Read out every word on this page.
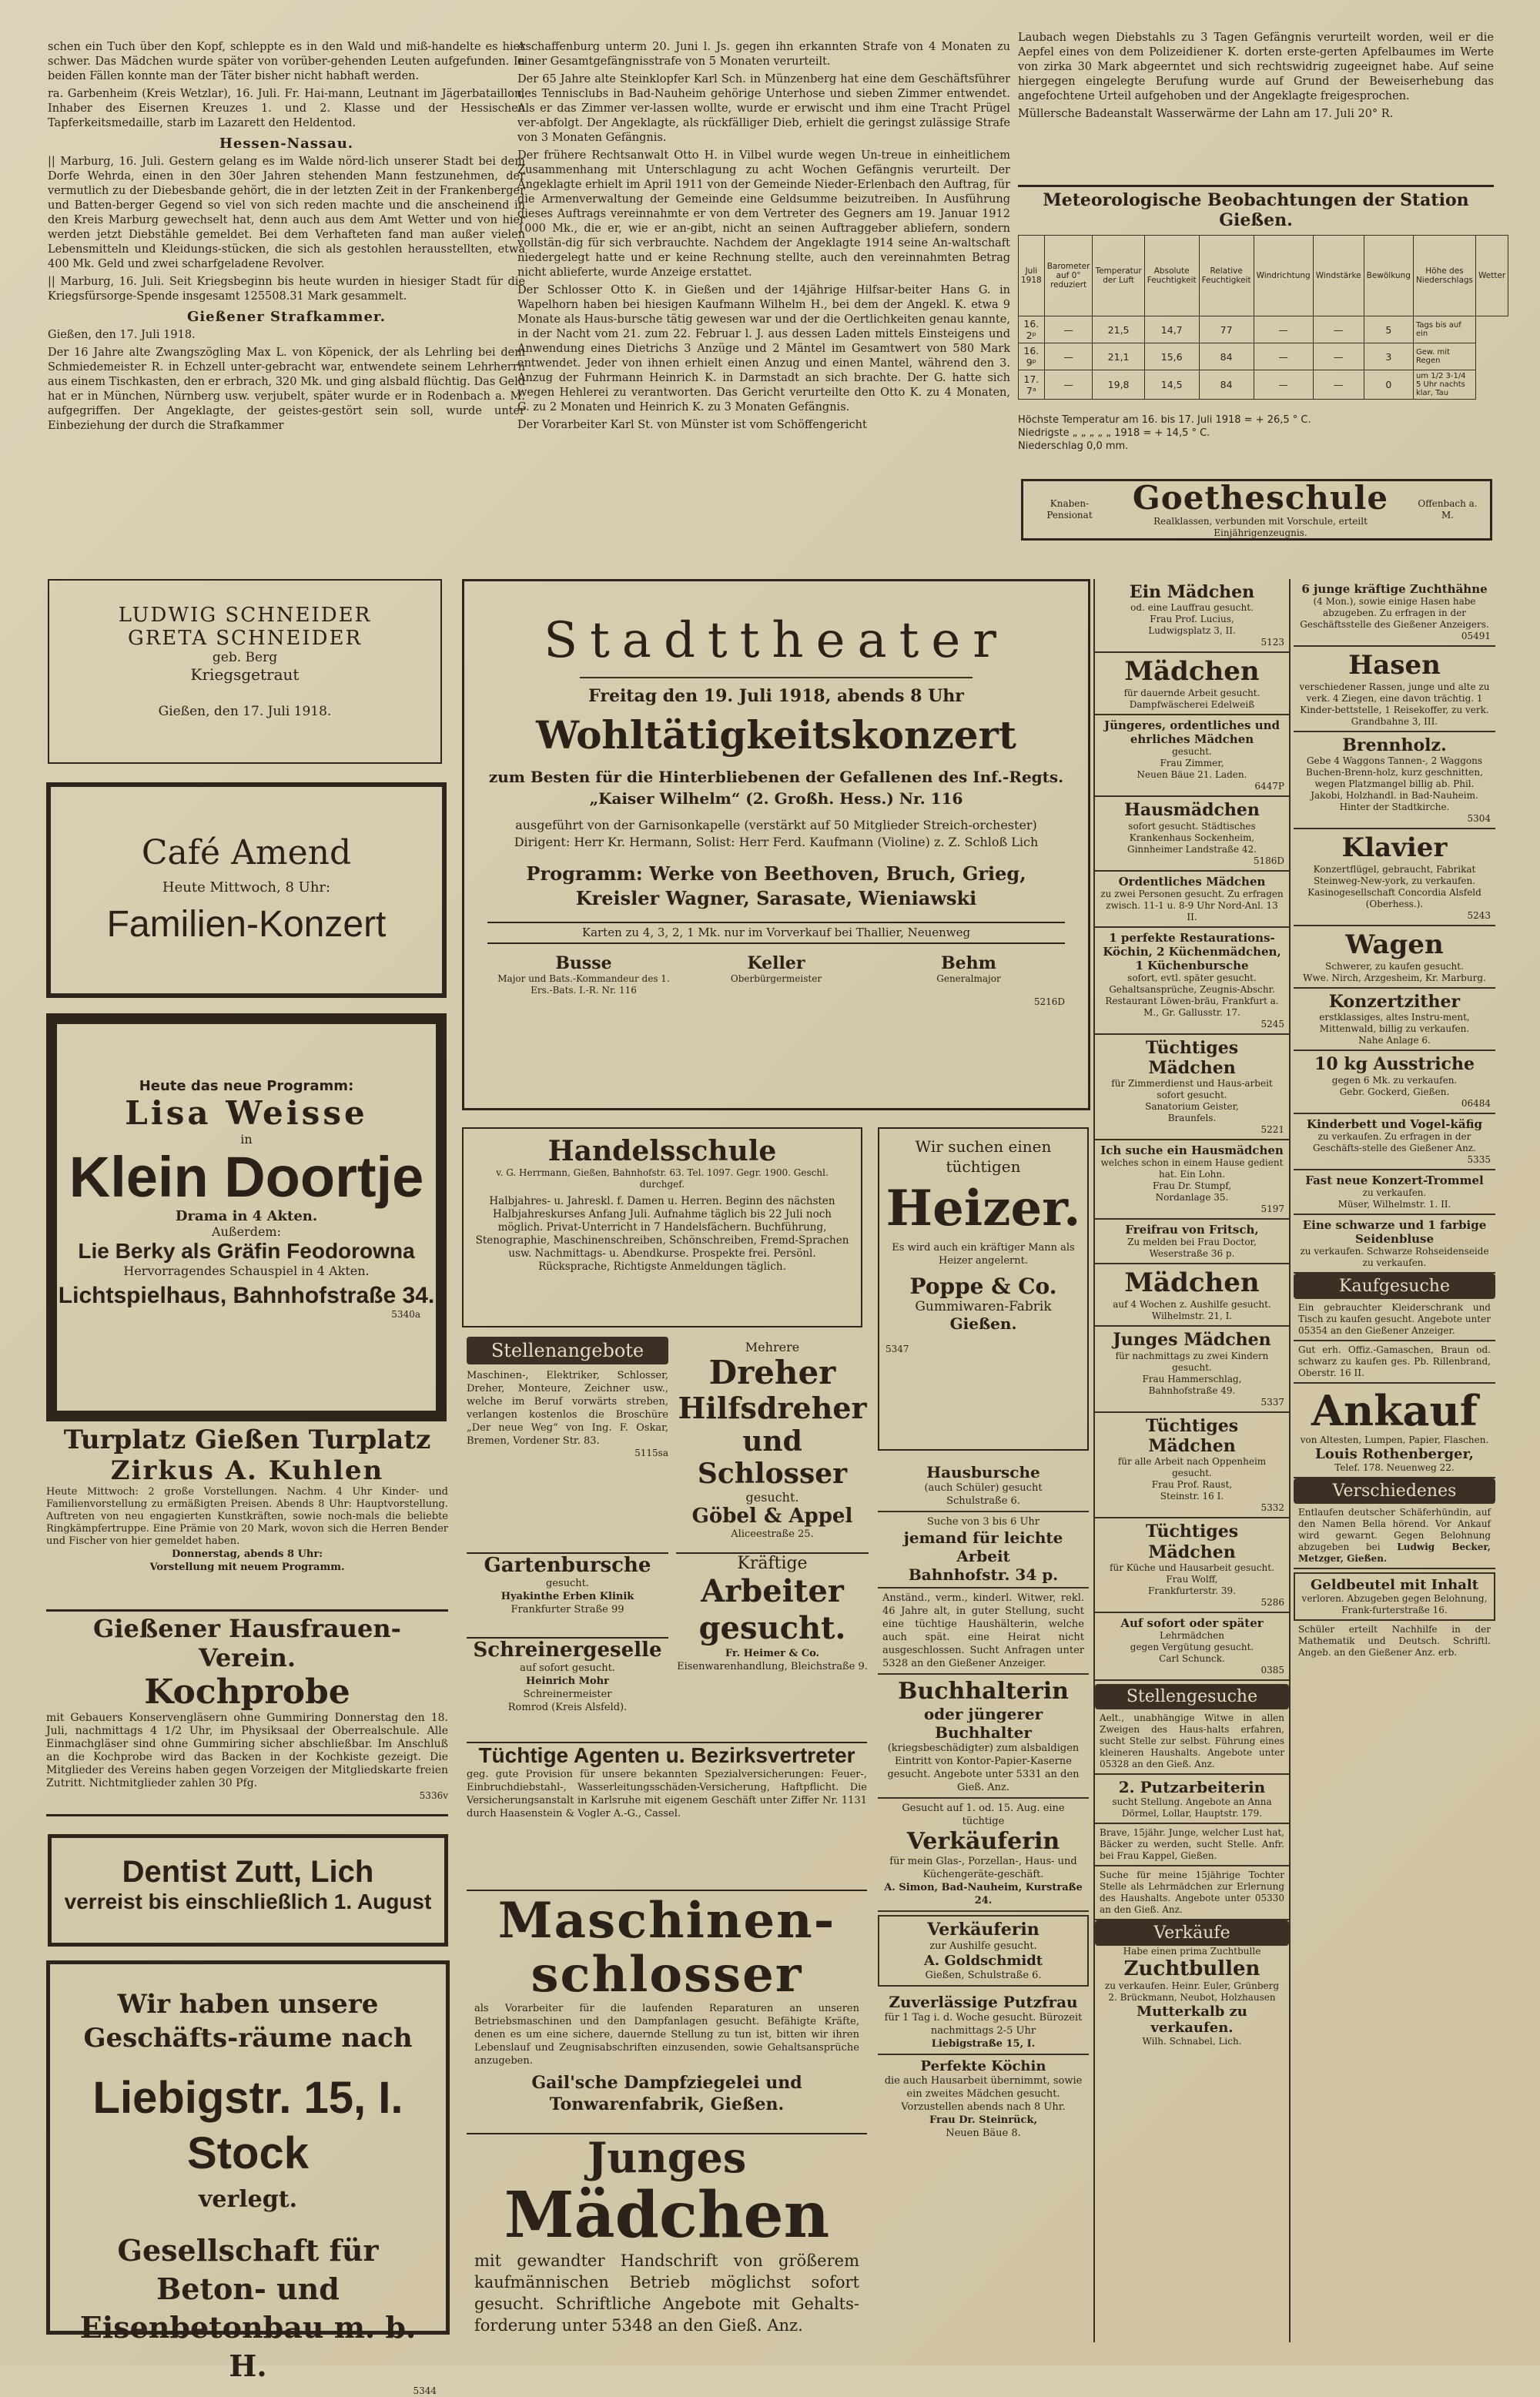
schen ein Tuch über den Kopf, schleppte es in den Wald und miß-handelte es hier schwer. Das Mädchen wurde später von vorüber-gehenden Leuten aufgefunden. In beiden Fällen konnte man der Täter bisher nicht habhaft werden.

ra. Garbenheim (Kreis Wetzlar), 16. Juli. Fr. Hai-mann, Leutnant im Jägerbataillon, Inhaber des Eisernen Kreuzes 1. und 2. Klasse und der Hessischen Tapferkeitsmedaille, starb im Lazarett den Heldentod.

Hessen-Nassau.

|| Marburg, 16. Juli. Gestern gelang es im Walde nörd-lich unserer Stadt bei dem Dorfe Wehrda, einen in den 30er Jahren stehenden Mann festzunehmen, der vermutlich zu der Diebesbande gehört, die in der letzten Zeit in der Frankenberger und Batten-berger Gegend so viel von sich reden machte und die anscheinend in den Kreis Marburg gewechselt hat, denn auch aus dem Amt Wetter und von hier werden jetzt Diebstähle gemeldet. Bei dem Verhafteten fand man außer vielen Lebensmitteln und Kleidungs-stücken, die sich als gestohlen herausstellten, etwa 400 Mk. Geld und zwei scharfgeladene Revolver.

|| Marburg, 16. Juli. Seit Kriegsbeginn bis heute wurden in hiesiger Stadt für die Kriegsfürsorge-Spende insgesamt 125508.31 Mark gesammelt.

Gießener Strafkammer.

Gießen, den 17. Juli 1918.

Der 16 Jahre alte Zwangszögling Max L. von Köpenick, der als Lehrling bei dem Schmiedemeister R. in Echzell unter-gebracht war, entwendete seinem Lehrherrn aus einem Tischkasten, den er erbrach, 320 Mk. und ging alsbald flüchtig. Das Geld hat er in München, Nürnberg usw. verjubelt, später wurde er in Rodenbach a. M. aufgegriffen. Der Angeklagte, der geistes-gestört sein soll, wurde unter Einbeziehung der durch die Strafkammer

Aschaffenburg unterm 20. Juni l. Js. gegen ihn erkannten Strafe von 4 Monaten zu einer Gesamtgefängnisstrafe von 5 Monaten verurteilt.

Der 65 Jahre alte Steinklopfer Karl Sch. in Münzenberg hat eine dem Geschäftsführer des Tennisclubs in Bad-Nauheim gehörige Unterhose und sieben Zimmer entwendet. Als er das Zimmer ver-lassen wollte, wurde er erwischt und ihm eine Tracht Prügel ver-abfolgt. Der Angeklagte, als rückfälliger Dieb, erhielt die geringst zulässige Strafe von 3 Monaten Gefängnis.

Der frühere Rechtsanwalt Otto H. in Vilbel wurde wegen Un-treue in einheitlichem Zusammenhang mit Unterschlagung zu acht Wochen Gefängnis verurteilt. Der Angeklagte erhielt im April 1911 von der Gemeinde Nieder-Erlenbach den Auftrag, für die Armenverwaltung der Gemeinde eine Geldsumme beizutreiben. In Ausführung dieses Auftrags vereinnahmte er von dem Vertreter des Gegners am 19. Januar 1912 1000 Mk., die er, wie er an-gibt, nicht an seinen Auftraggeber abliefern, sondern vollstän-dig für sich verbrauchte. Nachdem der Angeklagte 1914 seine An-waltschaft niedergelegt hatte und er keine Rechnung stellte, auch den vereinnahmten Betrag nicht ablieferte, wurde Anzeige erstattet.

Der Schlosser Otto K. in Gießen und der 14jährige Hilfsar-beiter Hans G. in Wapelhorn haben bei hiesigen Kaufmann Wilhelm H., bei dem der Angekl. K. etwa 9 Monate als Haus-bursche tätig gewesen war und der die Oertlichkeiten genau kannte, in der Nacht vom 21. zum 22. Februar l. J. aus dessen Laden mittels Einsteigens und Anwendung eines Dietrichs 3 Anzüge und 2 Mäntel im Gesamtwert von 580 Mark entwendet. Jeder von ihnen erhielt einen Anzug und einen Mantel, während den 3. Anzug der Fuhrmann Heinrich K. in Darmstadt an sich brachte. Der G. hatte sich wegen Hehlerei zu verantworten. Das Gericht verurteilte den Otto K. zu 4 Monaten, G. zu 2 Monaten und Heinrich K. zu 3 Monaten Gefängnis.

Der Vorarbeiter Karl St. von Münster ist vom Schöffengericht

Laubach wegen Diebstahls zu 3 Tagen Gefängnis verurteilt worden, weil er die Aepfel eines von dem Polizeidiener K. dorten erste-gerten Apfelbaumes im Werte von zirka 30 Mark abgeerntet und sich rechtswidrig zugeeignet habe. Auf seine hiergegen eingelegte Berufung wurde auf Grund der Beweiserhebung das angefochtene Urteil aufgehoben und der Angeklagte freigesprochen.

Müllersche Badeanstalt Wasserwärme der Lahn am 17. Juli 20° R.

Meteorologische Beobachtungen der Station Gießen.
Juli 1918	Barometer auf 0° reduziert	Temperatur der Luft	Absolute Feuchtigkeit	Relative Feuchtigkeit	Windrichtung	Windstärke	Bewölkung	Höhe des Niederschlags	Wetter
16. 2ᵖ	—	21,5	14,7	77	—	—	5	Tags bis auf ein	
16. 9ᵖ	—	21,1	15,6	84	—	—	3	Gew. mit Regen	
17. 7ᵃ	—	19,8	14,5	84	—	—	0	um 1/2 3-1/4 5 Uhr nachts klar, Tau	
Höchste Temperatur am 16. bis 17. Juli 1918 = + 26,5 ° C.
Niedrigste „ „ „ „ „ 1918 = + 14,5 ° C.
Niederschlag 0,0 mm.
Knaben-Pensionat	Goetheschule
Realklassen, verbunden mit Vorschule, erteilt Einjährigenzeugnis.
Offenbach a. M.
LUDWIG SCHNEIDER
GRETA SCHNEIDER
geb. Berg
Kriegsgetraut
Gießen, den 17. Juli 1918.
Café Amend
Heute Mittwoch, 8 Uhr:
Familien-Konzert
Heute das neue Programm:
Lisa Weisse
in
Klein Doortje
Drama in 4 Akten.
Außerdem:
Lie Berky als Gräfin Feodorowna
Hervorragendes Schauspiel in 4 Akten.
Lichtspielhaus, Bahnhofstraße 34.
5340a
Turplatz Gießen Turplatz
Zirkus A. Kuhlen
Heute Mittwoch: 2 große Vorstellungen. Nachm. 4 Uhr Kinder- und Familienvorstellung zu ermäßigten Preisen. Abends 8 Uhr: Hauptvorstellung. Auftreten von neu engagierten Kunstkräften, sowie noch-mals die beliebte Ringkämpfertruppe. Eine Prämie von 20 Mark, wovon sich die Herren Bender und Fischer von hier gemeldet haben.
Donnerstag, abends 8 Uhr:
Vorstellung mit neuem Programm.
Gießener Hausfrauen-Verein.
Kochprobe
mit Gebauers Konservengläsern ohne Gummiring Donnerstag den 18. Juli, nachmittags 4 1/2 Uhr, im Physiksaal der Oberrealschule. Alle Einmachgläser sind ohne Gummiring sicher abschließbar. Im Anschluß an die Kochprobe wird das Backen in der Kochkiste gezeigt. Die Mitglieder des Vereins haben gegen Vorzeigen der Mitgliedskarte freien Zutritt. Nichtmitglieder zahlen 30 Pfg.
5336v
Dentist Zutt, Lich
verreist bis einschließlich 1. August
Wir haben unsere Geschäfts-räume nach
Liebigstr. 15, I. Stock
verlegt.
Gesellschaft für Beton- und Eisenbetonbau m. b. H.
5344
Stadttheater
Freitag den 19. Juli 1918, abends 8 Uhr
Wohltätigkeitskonzert
zum Besten für die Hinterbliebenen der Gefallenen des Inf.-Regts. „Kaiser Wilhelm“ (2. Großh. Hess.) Nr. 116
ausgeführt von der Garnisonkapelle (verstärkt auf 50 Mitglieder Streich-orchester) Dirigent: Herr Kr. Hermann, Solist: Herr Ferd. Kaufmann (Violine) z. Z. Schloß Lich
Programm: Werke von Beethoven, Bruch, Grieg, Kreisler Wagner, Sarasate, Wieniawski
Karten zu 4, 3, 2, 1 Mk. nur im Vorverkauf bei Thallier, Neuenweg
Busse
Major und Bats.-Kommandeur des 1. Ers.-Bats. I.-R. Nr. 116
Keller
Oberbürgermeister
Behm
Generalmajor
5216D
Handelsschule
v. G. Herrmann, Gießen, Bahnhofstr. 63. Tel. 1097. Gegr. 1900. Geschl. durchgef.
Halbjahres- u. Jahreskl. f. Damen u. Herren. Beginn des nächsten Halbjahreskurses Anfang Juli. Aufnahme täglich bis 22 Juli noch möglich. Privat-Unterricht in 7 Handelsfächern. Buchführung, Stenographie, Maschinenschreiben, Schönschreiben, Fremd-Sprachen usw. Nachmittags- u. Abendkurse. Prospekte frei. Persönl. Rücksprache, Richtigste Anmeldungen täglich.
Wir suchen einen tüchtigen
Heizer.
Es wird auch ein kräftiger Mann als Heizer angelernt.
Poppe & Co.
Gummiwaren-Fabrik
Gießen.
5347
Stellenangebote
Maschinen-, Elektriker, Schlosser, Dreher, Monteure, Zeichner usw., welche im Beruf vorwärts streben, verlangen kostenlos die Broschüre „Der neue Weg“ von Ing. F. Oskar, Bremen, Vordener Str. 83.
5115sa
Mehrere
Dreher
Hilfsdreher
und Schlosser
gesucht.
Göbel & Appel
Aliceestraße 25.
Gartenbursche
gesucht.
Hyakinthe Erben Klinik
Frankfurter Straße 99
Schreinergeselle
auf sofort gesucht.
Heinrich Mohr
Schreinermeister
Romrod (Kreis Alsfeld).
Kräftige
Arbeiter gesucht.
Fr. Heimer & Co.
Eisenwarenhandlung, Bleichstraße 9.
Tüchtige Agenten u. Bezirksvertreter
geg. gute Provision für unsere bekannten Spezialversicherungen: Feuer-, Einbruchdiebstahl-, Wasserleitungsschäden-Versicherung, Haftpflicht. Die Versicherungsanstalt in Karlsruhe mit eigenem Geschäft unter Ziffer Nr. 1131 durch Haasenstein & Vogler A.-G., Cassel.
Maschinen-
schlosser
als Vorarbeiter für die laufenden Reparaturen an unseren Betriebsmaschinen und den Dampfanlagen gesucht. Befähigte Kräfte, denen es um eine sichere, dauernde Stellung zu tun ist, bitten wir ihren Lebenslauf und Zeugnisabschriften einzusenden, sowie Gehaltsansprüche anzugeben.
Gail'sche Dampfziegelei und Tonwarenfabrik, Gießen.
Junges
Mädchen
mit gewandter Handschrift von größerem kaufmännischen Betrieb möglichst sofort gesucht. Schriftliche Angebote mit Gehalts-forderung unter 5348 an den Gieß. Anz.
Hausbursche
(auch Schüler) gesucht
Schulstraße 6.
Suche von 3 bis 6 Uhr
jemand für leichte Arbeit
Bahnhofstr. 34 p.
Anständ., verm., kinderl. Witwer, rekl. 46 Jahre alt, in guter Stellung, sucht eine tüchtige Haushälterin, welche auch spät. eine Heirat nicht ausgeschlossen. Sucht Anfragen unter 5328 an den Gießener Anzeiger.
Buchhalterin
oder jüngerer Buchhalter
(kriegsbeschädigter) zum alsbaldigen Eintritt von Kontor-Papier-Kaserne gesucht. Angebote unter 5331 an den Gieß. Anz.
Gesucht auf 1. od. 15. Aug. eine tüchtige
Verkäuferin
für mein Glas-, Porzellan-, Haus- und Küchengeräte-geschäft.
A. Simon, Bad-Nauheim, Kurstraße 24.
Verkäuferin
zur Aushilfe gesucht.
A. Goldschmidt
Gießen, Schulstraße 6.
Zuverlässige Putzfrau
für 1 Tag i. d. Woche gesucht. Bürozeit nachmittags 2-5 Uhr
Liebigstraße 15, I.
Perfekte Köchin
die auch Hausarbeit übernimmt, sowie ein zweites Mädchen gesucht. Vorzustellen abends nach 8 Uhr.
Frau Dr. Steinrück,
Neuen Bäue 8.
Ein Mädchen
od. eine Lauffrau gesucht.
Frau Prof. Lucius,
Ludwigsplatz 3, II.
5123
Mädchen
für dauernde Arbeit gesucht.
Dampfwäscherei Edelweiß
Jüngeres, ordentliches und ehrliches Mädchen
gesucht.
Frau Zimmer,
Neuen Bäue 21. Laden.
6447P
Hausmädchen
sofort gesucht. Städtisches Krankenhaus Sockenheim,
Ginnheimer Landstraße 42.
5186D
Ordentliches Mädchen
zu zwei Personen gesucht. Zu erfragen zwisch. 11-1 u. 8-9 Uhr Nord-Anl. 13 II.
1 perfekte Restaurations-Köchin, 2 Küchenmädchen, 1 Küchenbursche
sofort, evtl. später gesucht. Gehaltsansprüche, Zeugnis-Abschr. Restaurant Löwen-bräu, Frankfurt a. M., Gr. Gallusstr. 17.
5245
Tüchtiges Mädchen
für Zimmerdienst und Haus-arbeit sofort gesucht.
Sanatorium Geister,
Braunfels.
5221
Ich suche ein Hausmädchen
welches schon in einem Hause gedient hat. Ein Lohn.
Frau Dr. Stumpf,
Nordanlage 35.
5197
Freifrau von Fritsch,
Zu melden bei Frau Doctor,
Weserstraße 36 p.
Mädchen
auf 4 Wochen z. Aushilfe gesucht.
Wilhelmstr. 21, I.
Junges Mädchen
für nachmittags zu zwei Kindern gesucht.
Frau Hammerschlag,
Bahnhofstraße 49.
5337
Tüchtiges Mädchen
für alle Arbeit nach Oppenheim gesucht.
Frau Prof. Raust,
Steinstr. 16 I.
5332
Tüchtiges Mädchen
für Küche und Hausarbeit gesucht.
Frau Wolff,
Frankfurterstr. 39.
5286
Auf sofort oder später
Lehrmädchen
gegen Vergütung gesucht.
Carl Schunck.
0385
Stellengesuche
Aelt., unabhängige Witwe in allen Zweigen des Haus-halts erfahren, sucht Stelle zur selbst. Führung eines kleineren Haushalts. Angebote unter 05328 an den Gieß. Anz.
2. Putzarbeiterin
sucht Stellung. Angebote an Anna Dörmel, Lollar, Hauptstr. 179.
Brave, 15jähr. Junge, welcher Lust hat, Bäcker zu werden, sucht Stelle. Anfr. bei Frau Kappel, Gießen.
Suche für meine 15jährige Tochter Stelle als Lehrmädchen zur Erlernung des Haushalts. Angebote unter 05330 an den Gieß. Anz.
Verkäufe
Habe einen prima Zuchtbulle
Zuchtbullen
zu verkaufen. Heinr. Euler, Grünberg
2. Brückmann, Neubot, Holzhausen
Mutterkalb zu verkaufen.
Wilh. Schnabel, Lich.
6 junge kräftige Zuchthähne
(4 Mon.), sowie einige Hasen habe abzugeben. Zu erfragen in der Geschäftsstelle des Gießener Anzeigers.
05491
Hasen
verschiedener Rassen, junge und alte zu verk. 4 Ziegen, eine davon trächtig. 1 Kinder-bettstelle, 1 Reisekoffer, zu verk. Grandbahne 3, III.
Brennholz.
Gebe 4 Waggons Tannen-, 2 Waggons Buchen-Brenn-holz, kurz geschnitten, wegen Platzmangel billig ab. Phil. Jakobi, Holzhandl. in Bad-Nauheim. Hinter der Stadtkirche.
5304
Klavier
Konzertflügel, gebraucht, Fabrikat Steinweg-New-york, zu verkaufen.
Kasinogesellschaft Concordia Alsfeld (Oberhess.).
5243
Wagen
Schwerer, zu kaufen gesucht.
Wwe. Nirch, Arzgesheim, Kr. Marburg.
Konzertzither
erstklassiges, altes Instru-ment, Mittenwald, billig zu verkaufen.
Nahe Anlage 6.
10 kg Ausstriche
gegen 6 Mk. zu verkaufen.
Gebr. Gockerd, Gießen.
06484
Kinderbett und Vogel-käfig
zu verkaufen. Zu erfragen in der Geschäfts-stelle des Gießener Anz.
5335
Fast neue Konzert-Trommel
zu verkaufen.
Müser, Wilhelmstr. 1. II.
Eine schwarze und 1 farbige Seidenbluse
zu verkaufen. Schwarze Rohseidenseide zu verkaufen.
Kaufgesuche
Ein gebrauchter Kleiderschrank und Tisch zu kaufen gesucht. Angebote unter 05354 an den Gießener Anzeiger.
Gut erh. Offiz.-Gamaschen, Braun od. schwarz zu kaufen ges. Pb. Rillenbrand, Oberstr. 16 II.
Ankauf
von Altesten, Lumpen, Papier, Flaschen.
Louis Rothenberger,
Telef. 178. Neuenweg 22.
Verschiedenes
Entlaufen deutscher Schäferhündin, auf den Namen Bella hörend. Vor Ankauf wird gewarnt. Gegen Belohnung abzugeben bei Ludwig Becker, Metzger, Gießen.
Geldbeutel mit Inhalt
verloren. Abzugeben gegen Belohnung, Frank-furterstraße 16.
Schüler erteilt Nachhilfe in der Mathematik und Deutsch. Schriftl. Angeb. an den Gießener Anz. erb.
